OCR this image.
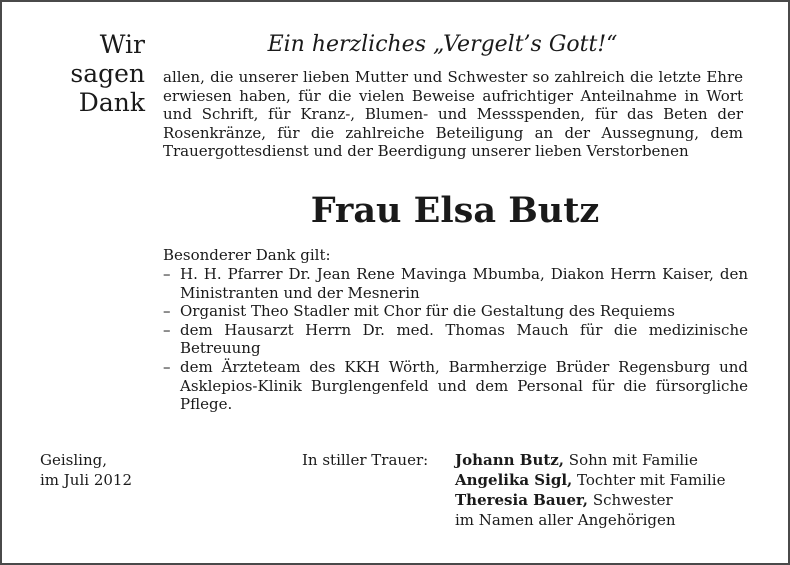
Wir
sagen
Dank
Ein herzliches „Vergelt’s Gott!“
allen, die unserer lieben Mutter und Schwester so zahlreich die letzte Ehre erwiesen haben, für die vielen Beweise aufrichtiger Anteilnahme in Wort und Schrift, für Kranz-, Blumen- und Messspenden, für das Beten der Rosenkränze, für die zahlreiche Beteiligung an der Aussegnung, dem Trauergottesdienst und der Beerdigung unserer lieben Verstorbenen
Frau Elsa Butz
Besonderer Dank gilt:
– H. H. Pfarrer Dr. Jean Rene Mavinga Mbumba, Diakon Herrn Kaiser, den Ministranten und der Mesnerin
– Organist Theo Stadler mit Chor für die Gestaltung des Requiems
– dem Hausarzt Herrn Dr. med. Thomas Mauch für die medizinische Betreuung
– dem Ärzteteam des KKH Wörth, Barmherzige Brüder Regensburg und Asklepios-Klinik Burglengenfeld und dem Personal für die fürsorgliche Pflege.
Geisling,
im Juli 2012
In stiller Trauer: Johann Butz, Sohn mit Familie
Angelika Sigl, Tochter mit Familie
Theresia Bauer, Schwester
im Namen aller Angehörigen
